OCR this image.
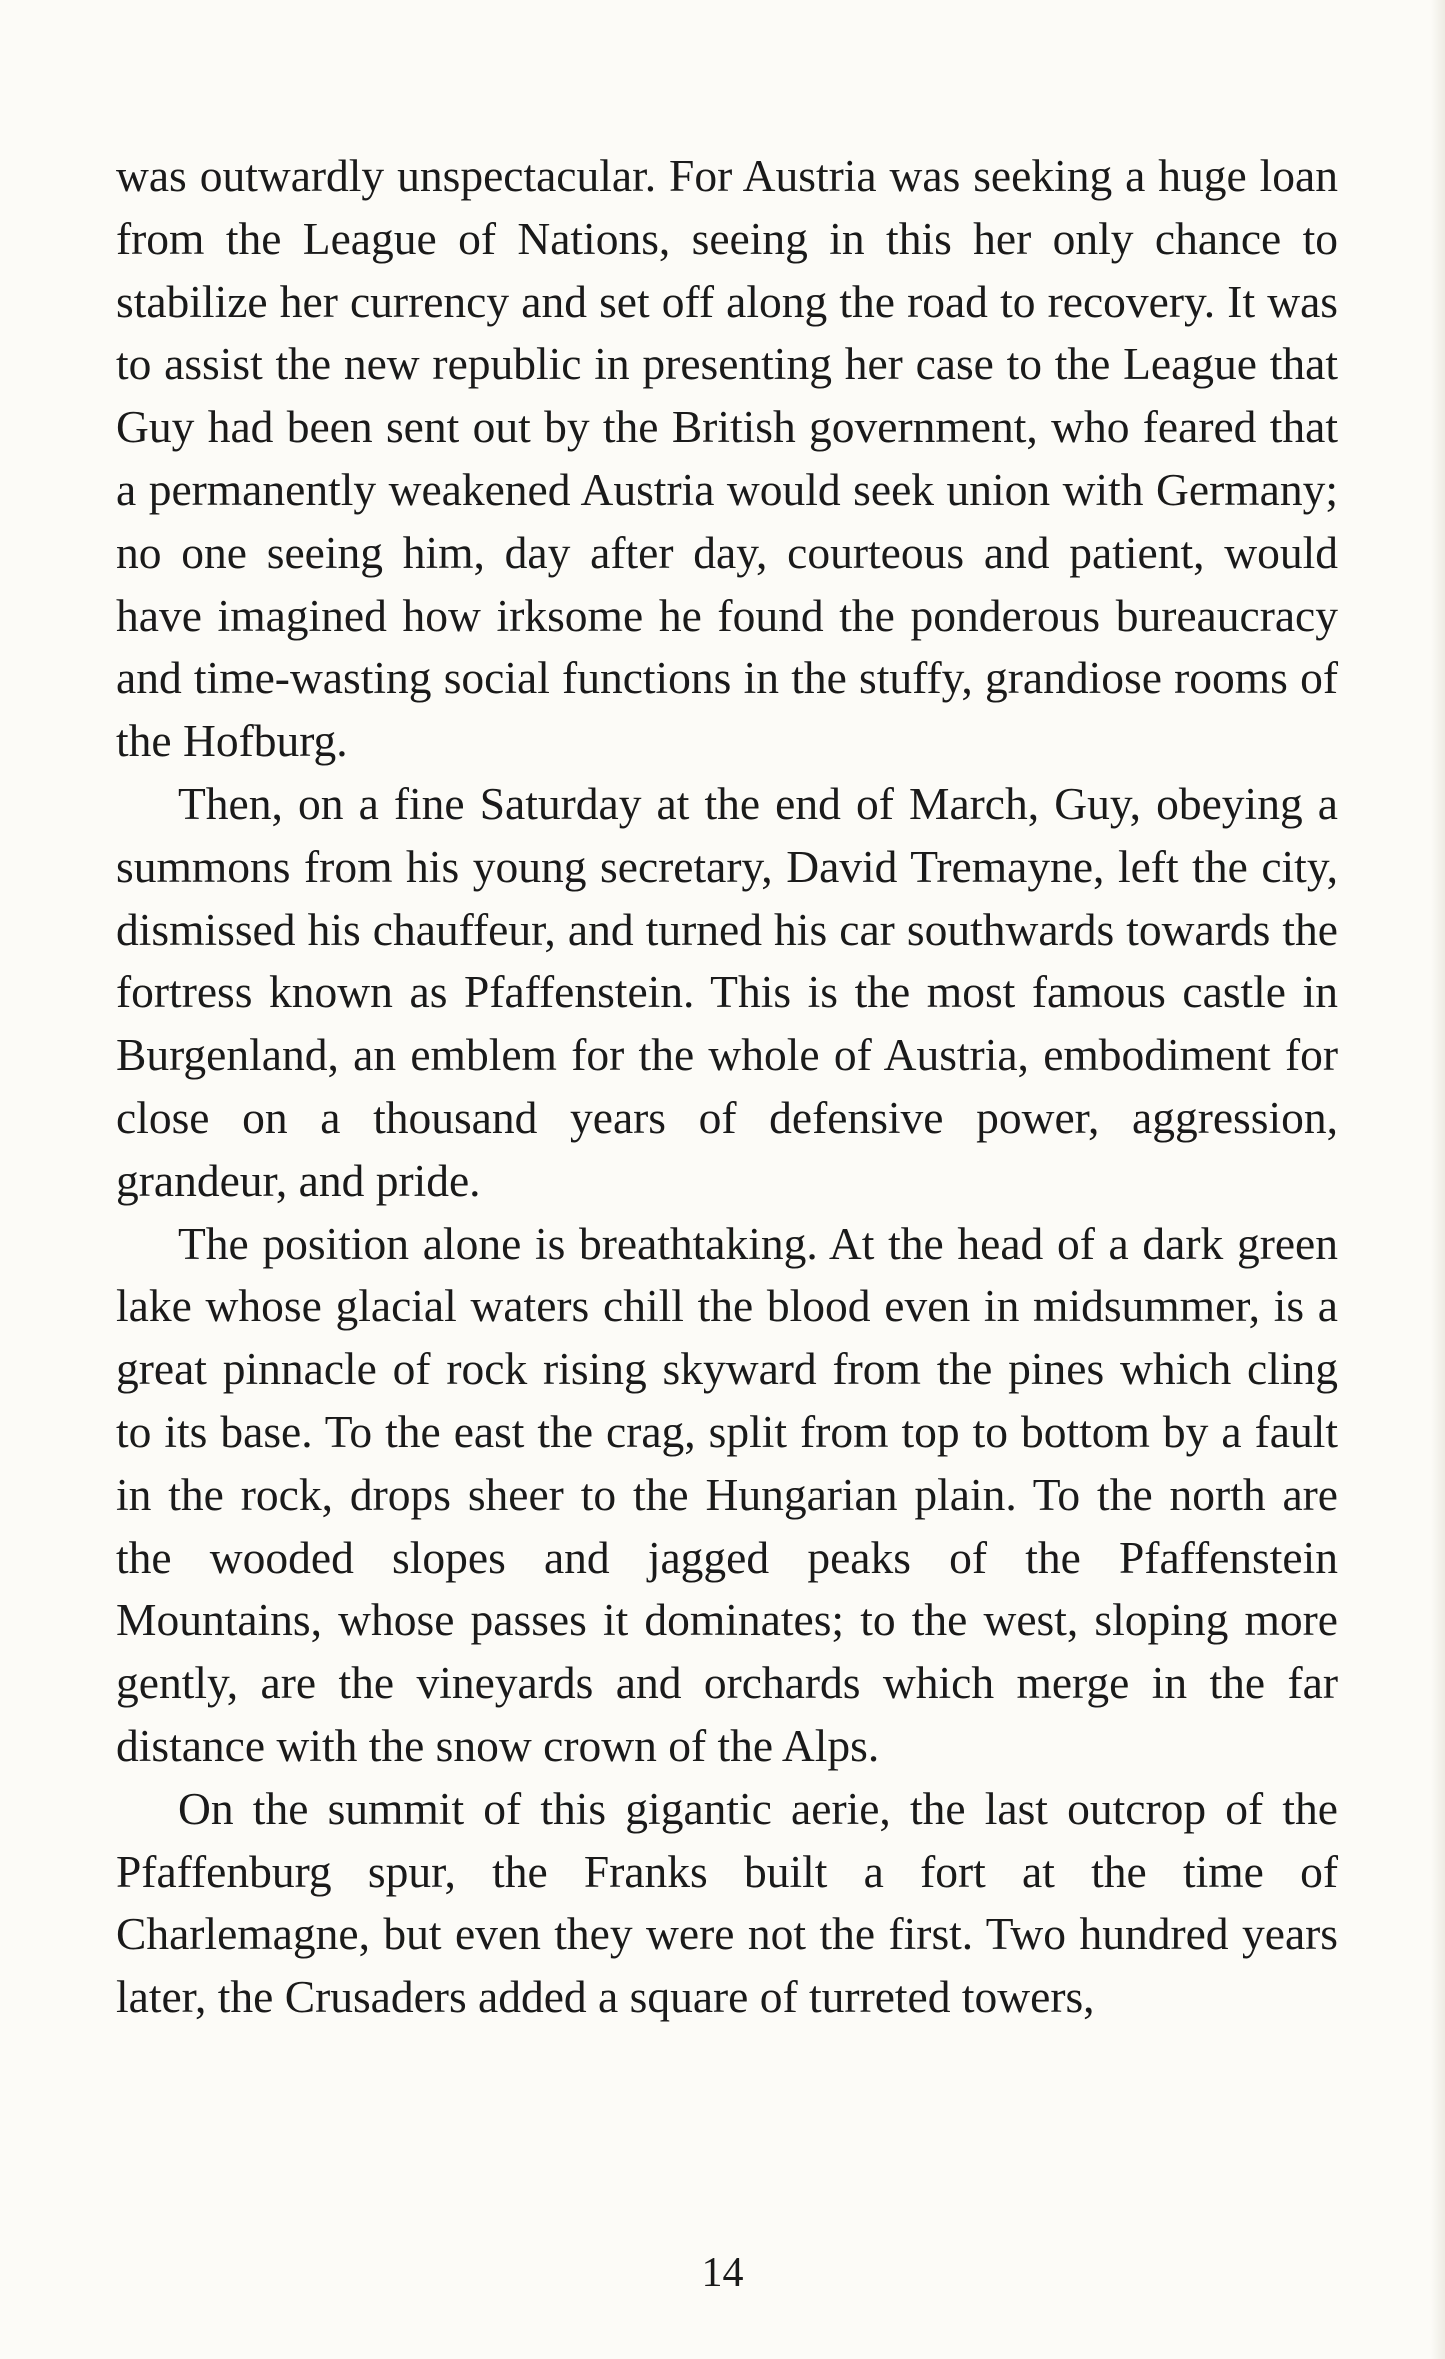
was outwardly unspectacular. For Austria was seeking a huge loan from the League of Nations, seeing in this her only chance to stabilize her currency and set off along the road to recovery. It was to assist the new republic in presenting her case to the League that Guy had been sent out by the British government, who feared that a permanently weakened Austria would seek union with Germany; no one seeing him, day after day, courteous and patient, would have imagined how irksome he found the ponderous bureaucracy and time-wasting social functions in the stuffy, grandiose rooms of the Hofburg.

Then, on a fine Saturday at the end of March, Guy, obeying a summons from his young secretary, David Tremayne, left the city, dismissed his chauffeur, and turned his car southwards towards the fortress known as Pfaffenstein. This is the most famous castle in Burgenland, an emblem for the whole of Austria, embodiment for close on a thousand years of defensive power, aggression, grandeur, and pride.

The position alone is breathtaking. At the head of a dark green lake whose glacial waters chill the blood even in midsummer, is a great pinnacle of rock rising skyward from the pines which cling to its base. To the east the crag, split from top to bottom by a fault in the rock, drops sheer to the Hungarian plain. To the north are the wooded slopes and jagged peaks of the Pfaffenstein Mountains, whose passes it dominates; to the west, sloping more gently, are the vineyards and orchards which merge in the far distance with the snow crown of the Alps.

On the summit of this gigantic aerie, the last outcrop of the Pfaffenburg spur, the Franks built a fort at the time of Charlemagne, but even they were not the first. Two hundred years later, the Crusaders added a square of turreted towers,

14
